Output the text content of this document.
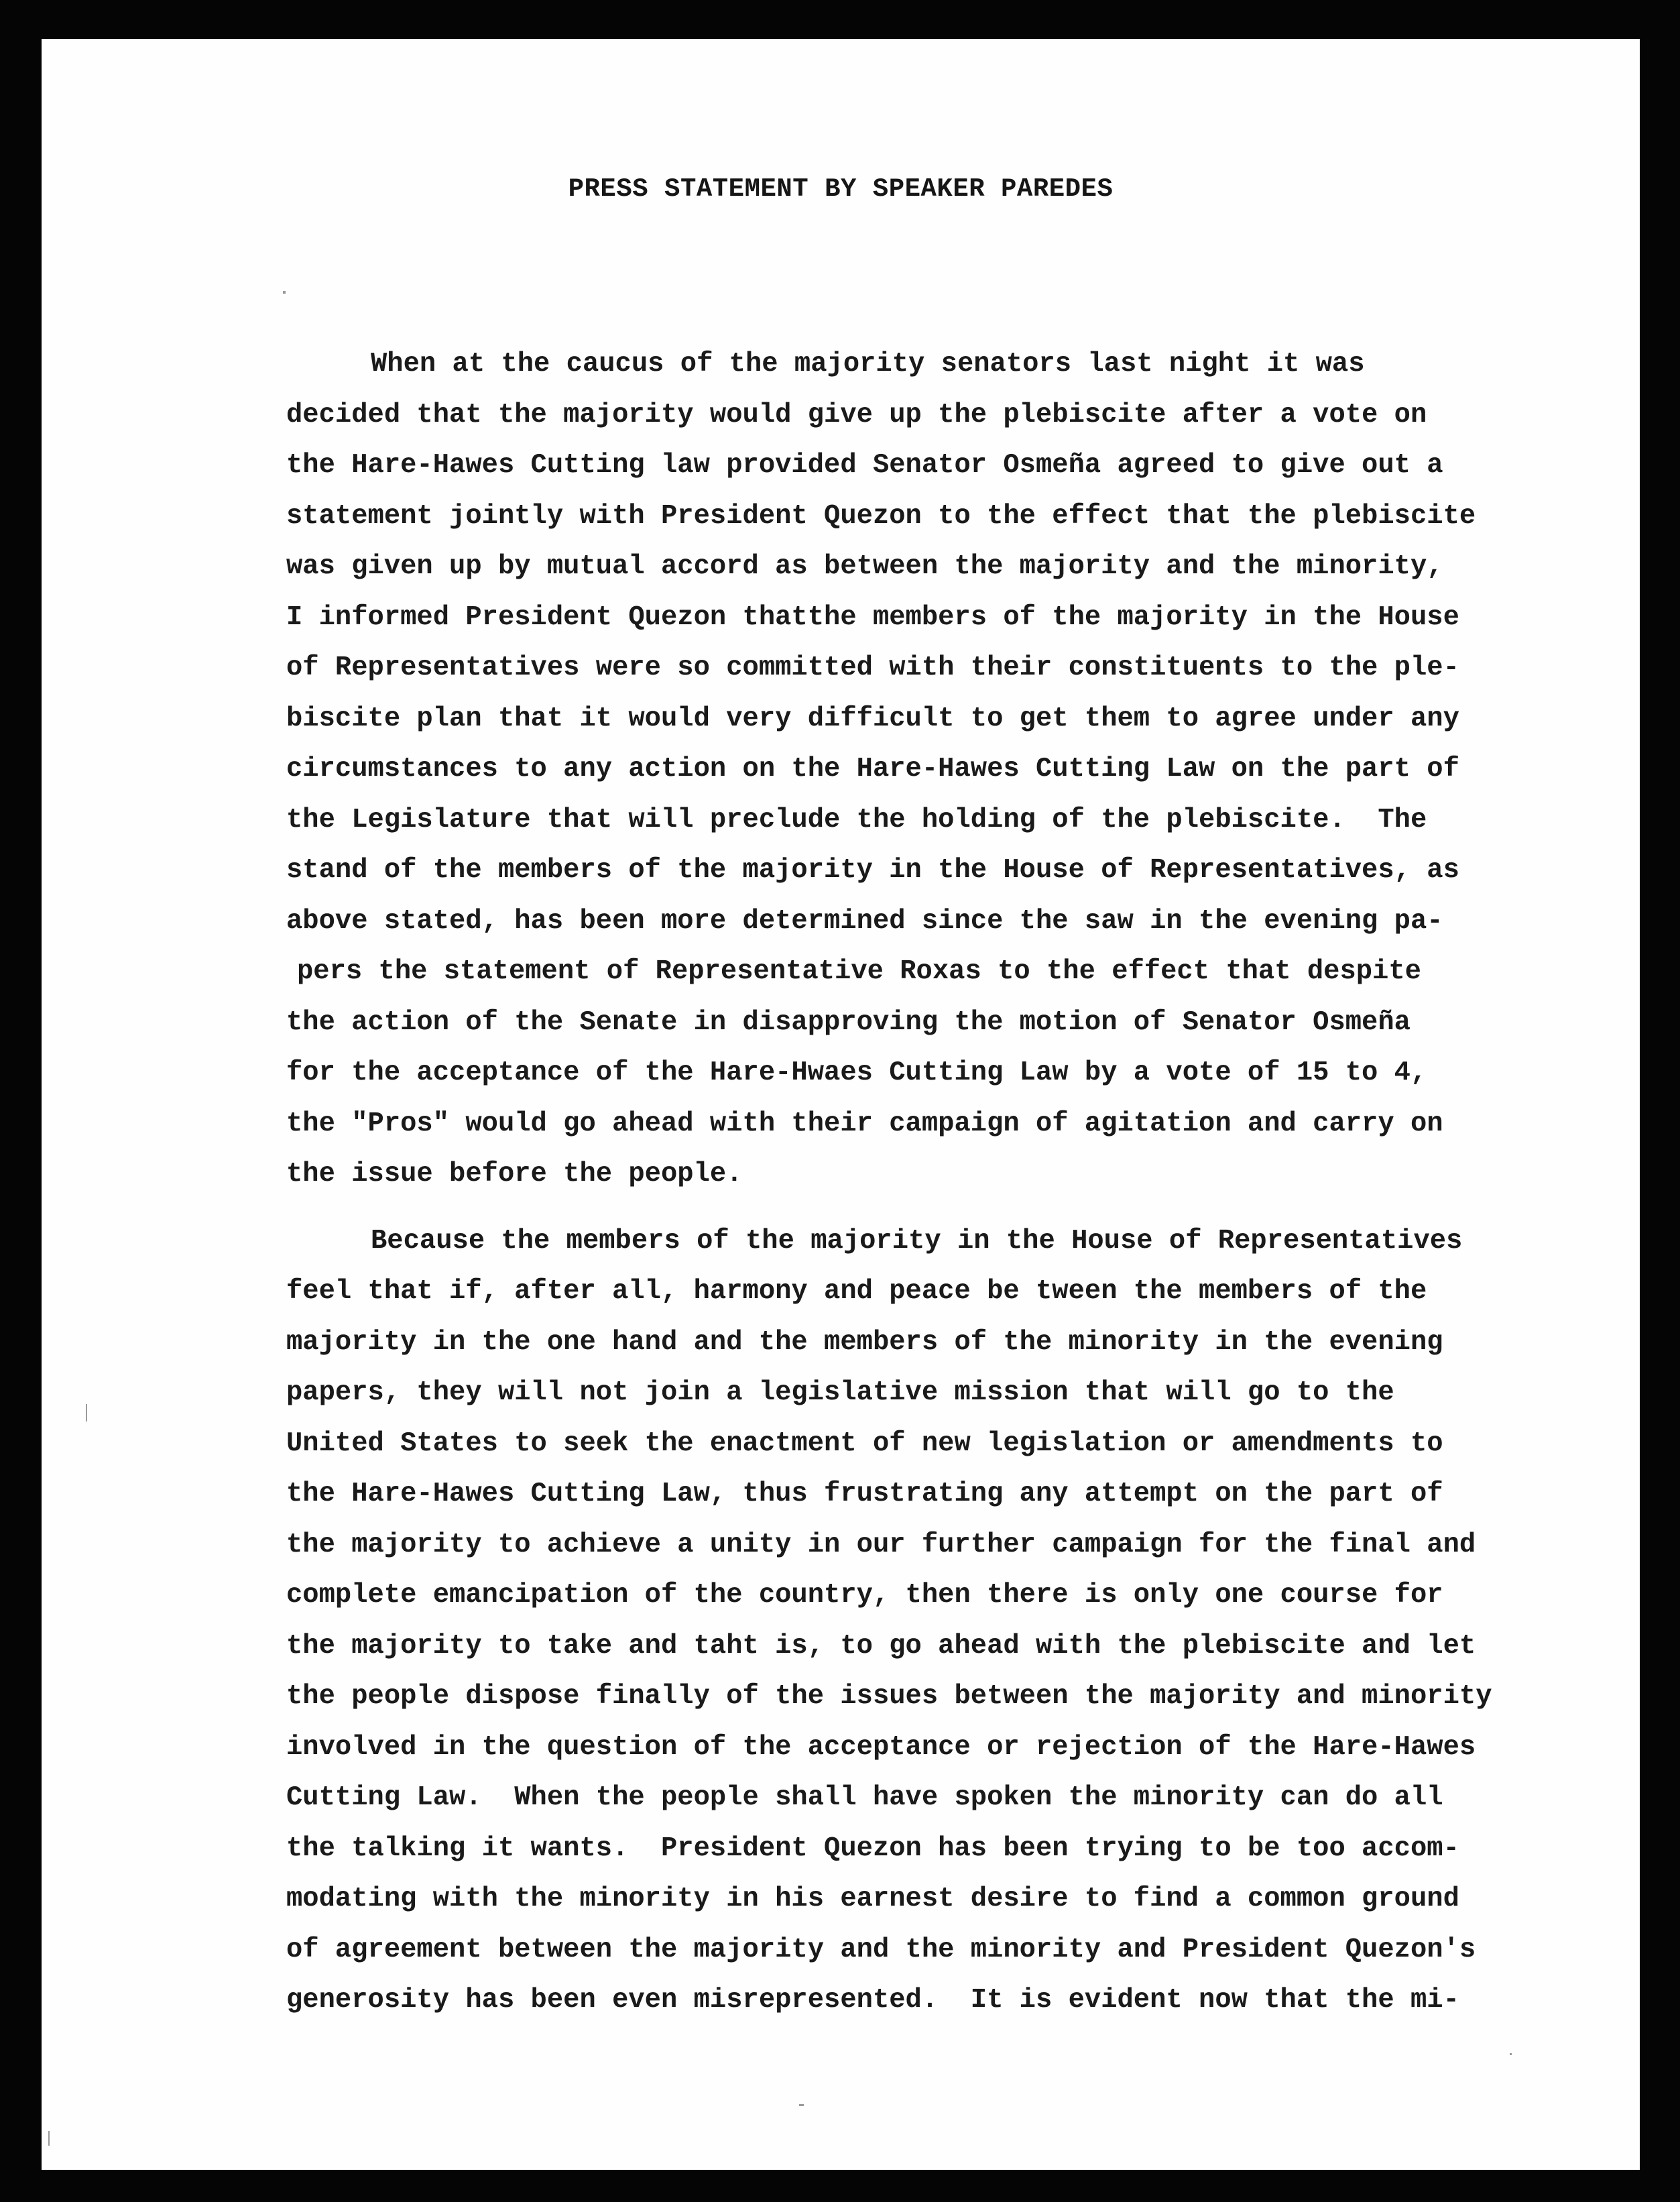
PRESS STATEMENT BY SPEAKER PAREDES
When at the caucus of the majority senators last night it was
decided that the majority would give up the plebiscite after a vote on
the Hare-Hawes Cutting law provided Senator Osmeña agreed to give out a
statement jointly with President Quezon to the effect that the plebiscite
was given up by mutual accord as between the majority and the minority,
I informed President Quezon thatthe members of the majority in the House
of Representatives were so committed with their constituents to the ple-
biscite plan that it would very difficult to get them to agree under any
circumstances to any action on the Hare-Hawes Cutting Law on the part of
the Legislature that will preclude the holding of the plebiscite.  The
stand of the members of the majority in the House of Representatives, as
above stated, has been more determined since the saw in the evening pa-
pers the statement of Representative Roxas to the effect that despite
the action of the Senate in disapproving the motion of Senator Osmeña
for the acceptance of the Hare-Hwaes Cutting Law by a vote of 15 to 4,
the "Pros" would go ahead with their campaign of agitation and carry on
the issue before the people.
Because the members of the majority in the House of Representatives
feel that if, after all, harmony and peace be tween the members of the
majority in the one hand and the members of the minority in the evening
papers, they will not join a legislative mission that will go to the
United States to seek the enactment of new legislation or amendments to
the Hare-Hawes Cutting Law, thus frustrating any attempt on the part of
the majority to achieve a unity in our further campaign for the final and
complete emancipation of the country, then there is only one course for
the majority to take and taht is, to go ahead with the plebiscite and let
the people dispose finally of the issues between the majority and minority
involved in the question of the acceptance or rejection of the Hare-Hawes
Cutting Law.  When the people shall have spoken the minority can do all
the talking it wants.  President Quezon has been trying to be too accom-
modating with the minority in his earnest desire to find a common ground
of agreement between the majority and the minority and President Quezon's
generosity has been even misrepresented.  It is evident now that the mi-
